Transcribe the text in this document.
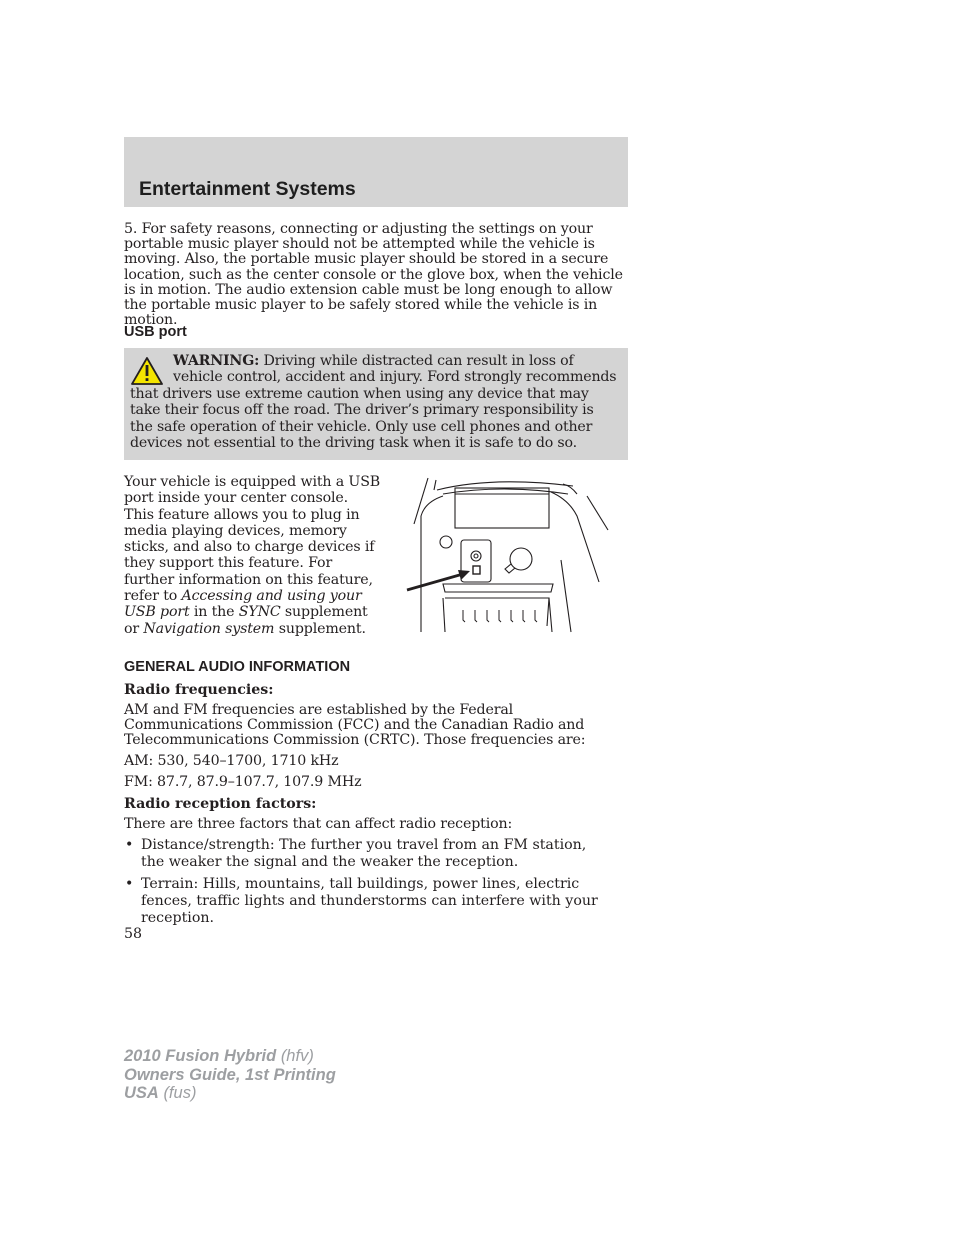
Entertainment Systems

5. For safety reasons, connecting or adjusting the settings on your portable music player should not be attempted while the vehicle is moving. Also, the portable music player should be stored in a secure location, such as the center console or the glove box, when the vehicle is in motion. The audio extension cable must be long enough to allow the portable music player to be safely stored while the vehicle is in motion.

USB port

WARNING: Driving while distracted can result in loss of vehicle control, accident and injury. Ford strongly recommends that drivers use extreme caution when using any device that may take their focus off the road. The driver’s primary responsibility is the safe operation of their vehicle. Only use cell phones and other devices not essential to the driving task when it is safe to do so.

Your vehicle is equipped with a USB port inside your center console. This feature allows you to plug in media playing devices, memory sticks, and also to charge devices if they support this feature. For further information on this feature, refer to Accessing and using your USB port in the SYNC supplement or Navigation system supplement.

GENERAL AUDIO INFORMATION

Radio frequencies:

AM and FM frequencies are established by the Federal Communications Commission (FCC) and the Canadian Radio and Telecommunications Commission (CRTC). Those frequencies are:

AM: 530, 540–1700, 1710 kHz

FM: 87.7, 87.9–107.7, 107.9 MHz

Radio reception factors:

There are three factors that can affect radio reception:

• Distance/strength: The further you travel from an FM station, the weaker the signal and the weaker the reception.
• Terrain: Hills, mountains, tall buildings, power lines, electric fences, traffic lights and thunderstorms can interfere with your reception.

58

2010 Fusion Hybrid (hfv)
Owners Guide, 1st Printing
USA (fus)
